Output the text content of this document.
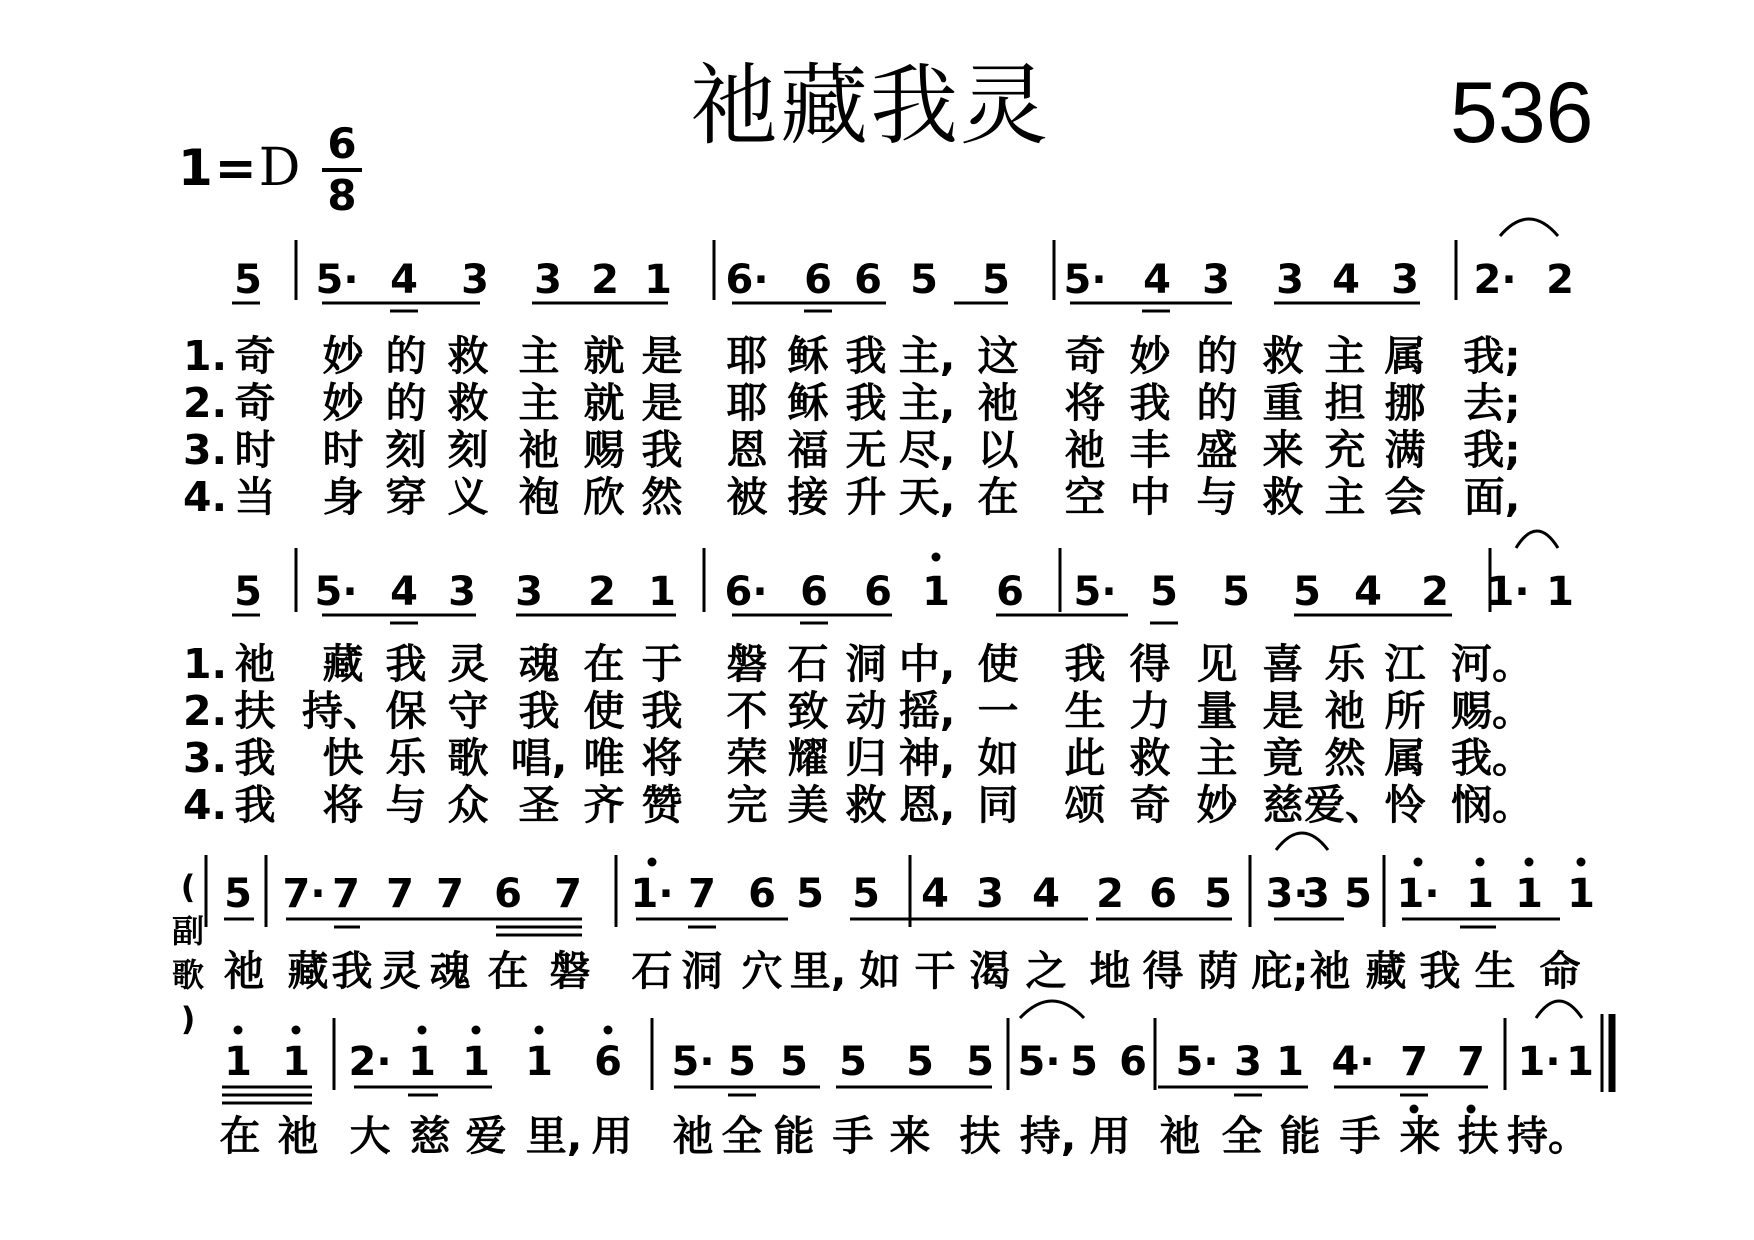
祂藏我灵	536
1=D 6
8
5 5· 4 3 3 2 1 6· 6 6 5 5 5· 4 3 3 4 3 2· 2
5 5· 4 3 3 2 1 6· 6 6 1 6 5· 5 5 5 4 2 1· 1
5 7· 7 7 7 6 7 1· 7 6 5 5 4 3 4 2 6 5 3·
3 5 1· 1 1 1
(
副
歌
)
1 1 2· 1 1 1 6 5· 5 5 5 5 5 5· 5 6 5· 3 1 4· 7 7 1· 1
1. 奇 妙 的 救 主 就 是 耶 稣 我 主, 这 奇 妙 的 救 主 属 我;
2. 奇 妙 的 救 主 就 是 耶 稣 我 主, 祂 将 我 的 重 担 挪 去;
3. 时 时 刻 刻 祂 赐 我 恩 福 无 尽, 以 祂 丰 盛 来 充 满 我;
4. 当 身 穿 义 袍 欣 然 被 接 升 天, 在 空 中 与 救 主 会 面,
1. 祂 藏 我 灵 魂 在 于 磐 石 洞 中, 使 我 得 见 喜 乐 江 河。
2. 扶 持、 保 守 我 使 我 不 致 动 摇, 一 生 力 量 是 祂 所 赐。
3. 我 快 乐 歌 唱, 唯 将 荣 耀 归 神, 如 此 救 主 竟 然 属 我。
4. 我 将 与 众 圣 齐 赞 完 美 救 恩, 同 颂 奇 妙 慈 爱、
怜 悯。
祂 藏 我 灵 魂 在 磐 石 洞 穴 里, 如 干 渴 之 地 得 荫 庇; 祂 藏 我 生 命
在 祂 大 慈 爱 里, 用 祂 全 能 手 来 扶 持, 用 祂 全 能 手 来 扶 持。
